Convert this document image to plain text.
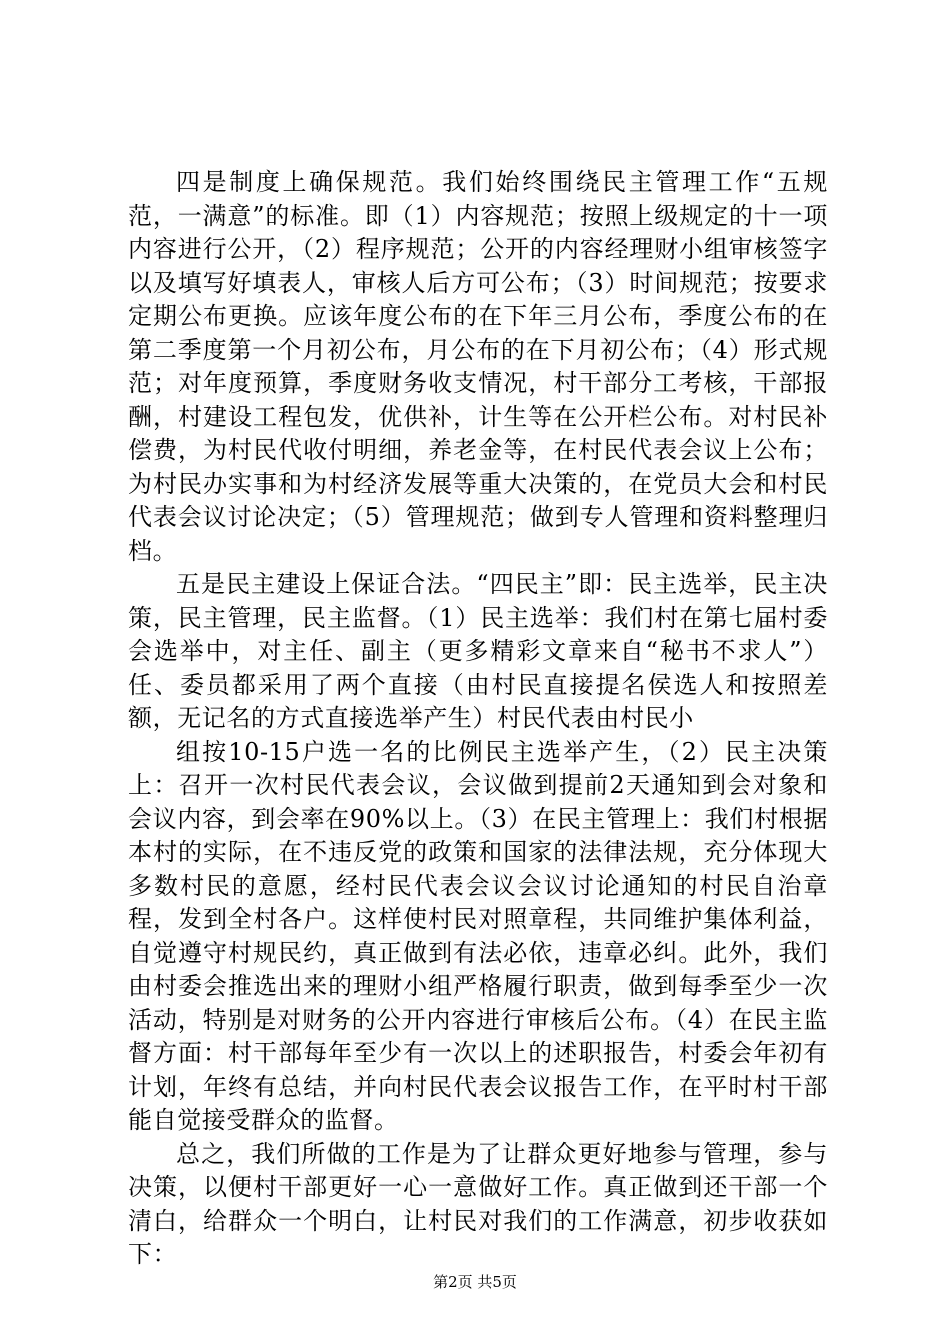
四是制度上确保规范。我们始终围绕民主管理工作“五规范，一满意”的标准。即（1）内容规范；按照上级规定的十一项内容进行公开，（2）程序规范；公开的内容经理财小组审核签字以及填写好填表人，审核人后方可公布；（3）时间规范；按要求定期公布更换。应该年度公布的在下年三月公布，季度公布的在第二季度第一个月初公布，月公布的在下月初公布；（4）形式规范；对年度预算，季度财务收支情况，村干部分工考核，干部报酬，村建设工程包发，优供补，计生等在公开栏公布。对村民补偿费，为村民代收付明细，养老金等，在村民代表会议上公布；为村民办实事和为村经济发展等重大决策的，在党员大会和村民代表会议讨论决定；（5）管理规范；做到专人管理和资料整理归档。

五是民主建设上保证合法。“四民主”即：民主选举，民主决策，民主管理，民主监督。（1）民主选举：我们村在第七届村委会选举中，对主任、副主（更多精彩文章来自“秘书不求人”）任、委员都采用了两个直接（由村民直接提名侯选人和按照差额，无记名的方式直接选举产生）村民代表由村民小

组按10-15户选一名的比例民主选举产生，（2）民主决策上：召开一次村民代表会议，会议做到提前2天通知到会对象和会议内容，到会率在90%以上。（3）在民主管理上：我们村根据本村的实际，在不违反党的政策和国家的法律法规，充分体现大多数村民的意愿，经村民代表会议会议讨论通知的村民自治章程，发到全村各户。这样使村民对照章程，共同维护集体利益，自觉遵守村规民约，真正做到有法必依，违章必纠。此外，我们由村委会推选出来的理财小组严格履行职责，做到每季至少一次活动，特别是对财务的公开内容进行审核后公布。（4）在民主监督方面：村干部每年至少有一次以上的述职报告，村委会年初有计划，年终有总结，并向村民代表会议报告工作，在平时村干部能自觉接受群众的监督。

总之，我们所做的工作是为了让群众更好地参与管理，参与决策，以便村干部更好一心一意做好工作。真正做到还干部一个清白，给群众一个明白，让村民对我们的工作满意，初步收获如下：

第2页 共5页
